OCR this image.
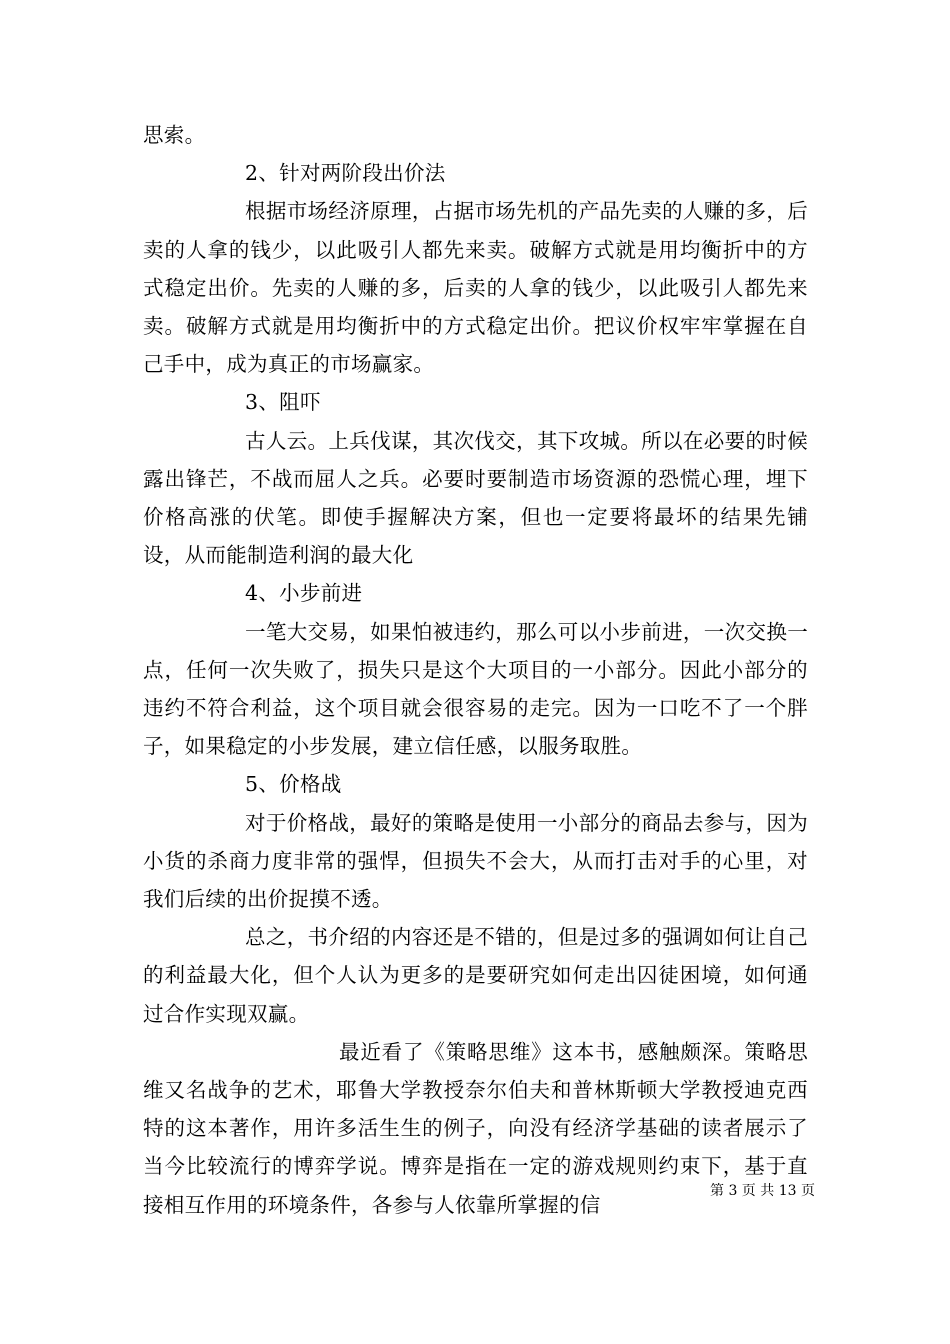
思索。

2、针对两阶段出价法

根据市场经济原理，占据市场先机的产品先卖的人赚的多，后卖的人拿的钱少，以此吸引人都先来卖。破解方式就是用均衡折中的方式稳定出价。先卖的人赚的多，后卖的人拿的钱少，以此吸引人都先来卖。破解方式就是用均衡折中的方式稳定出价。把议价权牢牢掌握在自己手中，成为真正的市场赢家。

3、阻吓

古人云。上兵伐谋，其次伐交，其下攻城。所以在必要的时候露出锋芒，不战而屈人之兵。必要时要制造市场资源的恐慌心理，埋下价格高涨的伏笔。即使手握解决方案，但也一定要将最坏的结果先铺设，从而能制造利润的最大化

4、小步前进

一笔大交易，如果怕被违约，那么可以小步前进，一次交换一点，任何一次失败了，损失只是这个大项目的一小部分。因此小部分的违约不符合利益，这个项目就会很容易的走完。因为一口吃不了一个胖子，如果稳定的小步发展，建立信任感，以服务取胜。

5、价格战

对于价格战，最好的策略是使用一小部分的商品去参与，因为小货的杀商力度非常的强悍，但损失不会大，从而打击对手的心里，对我们后续的出价捉摸不透。

总之，书介绍的内容还是不错的，但是过多的强调如何让自己的利益最大化，但个人认为更多的是要研究如何走出囚徒困境，如何通过合作实现双赢。

最近看了《策略思维》这本书，感触颇深。策略思维又名战争的艺术，耶鲁大学教授奈尔伯夫和普林斯顿大学教授迪克西特的这本著作，用许多活生生的例子，向没有经济学基础的读者展示了当今比较流行的博弈学说。博弈是指在一定的游戏规则约束下，基于直接相互作用的环境条件，各参与人依靠所掌握的信

第 3 页 共 13 页
